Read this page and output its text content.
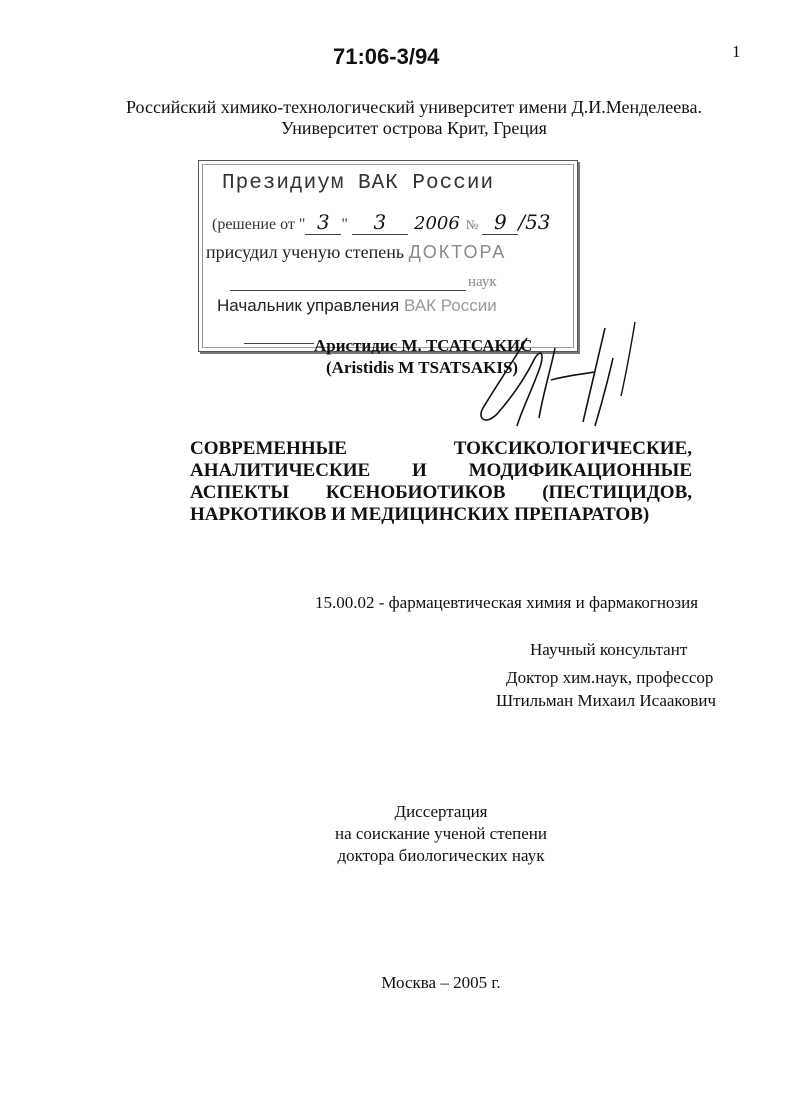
71:06-3/94	1
Российский химико-технологический университет имени Д.И.Менделеева.
Университет острова Крит, Греция
Президиум ВАК России
(решение от " 3 " 3 2006 № 9 /53
присудил ученую степень ДОКТОРА
наук
Начальник управления ВАК России
Аристидис М. ТСАТСАКИС
(Aristidis M TSATSAKIS)
СОВРЕМЕННЫЕ ТОКСИКОЛОГИЧЕСКИЕ,
АНАЛИТИЧЕСКИЕ И МОДИФИКАЦИОННЫЕ
АСПЕКТЫ КСЕНОБИОТИКОВ (ПЕСТИЦИДОВ,
НАРКОТИКОВ И МЕДИЦИНСКИХ ПРЕПАРАТОВ)
15.00.02 - фармацевтическая химия и фармакогнозия
Научный консультант
Доктор хим.наук, профессор
Штильман Михаил Исаакович
Диссертация
на соискание ученой степени
доктора биологических наук
Москва – 2005 г.
